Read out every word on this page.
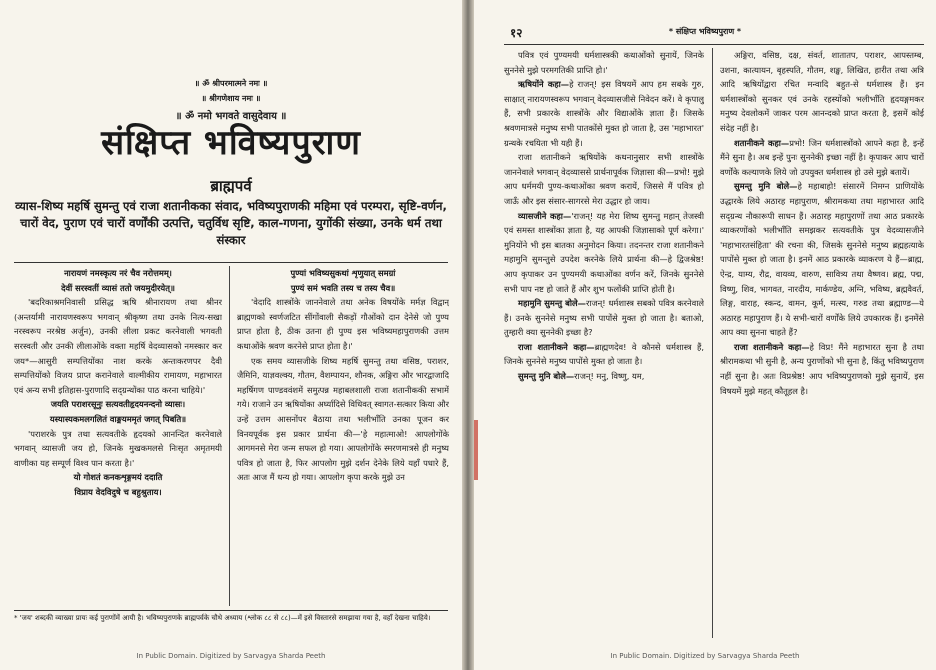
॥ ॐ श्रीपरमात्मने नमः ॥
॥ श्रीगणेशाय नमः ॥
॥ ॐ नमो भगवते वासुदेवाय ॥
संक्षिप्त भविष्यपुराण
ब्राह्मपर्व
व्यास-शिष्य महर्षि सुमन्तु एवं राजा शतानीकका संवाद, भविष्यपुराणकी महिमा एवं परम्परा, सृष्टि-वर्णन, चारों वेद, पुराण एवं चारों वर्णोंकी उत्पत्ति, चतुर्विध सृष्टि, काल-गणना, युगोंकी संख्या, उनके धर्म तथा संस्कार

नारायणं नमस्कृत्य नरं चैव नरोत्तमम्।

देवीं सरस्वतीं व्यासं ततो जयमुदीरयेत्॥

'बदरिकाश्रमनिवासी प्रसिद्ध ऋषि श्रीनारायण तथा श्रीनर (अन्तर्यामी नारायणस्वरूप भगवान् श्रीकृष्ण तथा उनके नित्य-सखा नरस्वरूप नरश्रेष्ठ अर्जुन), उनकी लीला प्रकट करनेवाली भगवती सरस्वती और उनकी लीलाओंके वक्ता महर्षि वेदव्यासको नमस्कार कर जय*—आसुरी सम्पत्तियोंका नाश करके अन्तःकरणपर दैवी सम्पत्तियोंको विजय प्राप्त करानेवाले वाल्मीकीय रामायण, महाभारत एवं अन्य सभी इतिहास-पुराणादि सद्ग्रन्थोंका पाठ करना चाहिये।'

जयति पराशरसूनुः सत्यवतीहृदयनन्दनो व्यासः।

यस्यास्यकमलगलितं वाङ्मयममृतं जगत् पिबति॥

'पराशरके पुत्र तथा सत्यवतीके हृदयको आनन्दित करनेवाले भगवान् व्यासजी जय हो, जिनके मुखकमलसे निःसृत अमृतमयी वाणीका यह सम्पूर्ण विश्व पान करता है।'

यो गोशतं कनकशृङ्गमयं ददाति

विप्राय वेदविदुषे च बहुश्रुताय।

पुण्यां भविष्यसुकथां शृणुयात् समग्रां

पुण्यं समं भवति तस्य च तस्य चैव॥

'वेदादि शास्त्रोंके जाननेवाले तथा अनेक विषयोंके मर्मज्ञ विद्वान् ब्राह्मणको स्वर्णजटित सींगोंवाली सैकड़ों गौओंको दान देनेसे जो पुण्य प्राप्त होता है, ठीक उतना ही पुण्य इस भविष्यमहापुराणकी उत्तम कथाओंके श्रवण करनेसे प्राप्त होता है।'

एक समय व्यासजीके शिष्य महर्षि सुमन्तु तथा वसिष्ठ, पराशर, जैमिनि, याज्ञवल्क्य, गौतम, वैशम्पायन, शौनक, अङ्गिरा और भारद्वाजादि महर्षिगण पाण्डववंशमें समुत्पन्न महाबलशाली राजा शतानीककी सभामें गये। राजाने उन ऋषियोंका अर्घ्यादिसे विधिवत् स्वागत-सत्कार किया और उन्हें उत्तम आसनोंपर बैठाया तथा भलीभाँति उनका पूजन कर विनयपूर्वक इस प्रकार प्रार्थना की—'हे महात्माओ! आपलोगोंके आगमनसे मेरा जन्म सफल हो गया। आपलोगोंके स्मरणमात्रसे ही मनुष्य पवित्र हो जाता है, फिर आपलोग मुझे दर्शन देनेके लिये यहाँ पधारे हैं, अतः आज मैं धन्य हो गया। आपलोग कृपा करके मुझे उन

* 'जय' शब्दकी व्याख्या प्रायः कई पुराणोंमें आयी है। भविष्यपुराणके ब्राह्मपर्वके चौथे अध्याय (श्लोक ८८ से ८८)—में इसे विस्तारसे समझाया गया है, वहाँ देखना चाहिये।
In Public Domain. Digitized by Sarvagya Sharda Peeth
१२	* संक्षिप्त भविष्यपुराण *

पवित्र एवं पुण्यमयी धर्मशास्त्रकी कथाओंको सुनायें, जिनके सुननेसे मुझे परमगतिकी प्राप्ति हो।'

ऋषियोंने कहा—हे राजन्! इस विषयमें आप हम सबके गुरु, साक्षात् नारायणस्वरूप भगवान् वेदव्यासजीसे निवेदन करें। वे कृपालु हैं, सभी प्रकारके शास्त्रोंके और विद्याओंके ज्ञाता हैं। जिसके श्रवणमात्रसे मनुष्य सभी पातकोंसे मुक्त हो जाता है, उस 'महाभारत' ग्रन्थके रचयिता भी यही हैं।

राजा शतानीकने ऋषियोंके कथनानुसार सभी शास्त्रोंके जाननेवाले भगवान् वेदव्याससे प्रार्थनापूर्वक जिज्ञासा की—प्रभो! मुझे आप धर्ममयी पुण्य-कथाओंका श्रवण करायें, जिससे मैं पवित्र हो जाऊँ और इस संसार-सागरसे मेरा उद्धार हो जाय।

व्यासजीने कहा—'राजन्! यह मेरा शिष्य सुमन्तु महान् तेजस्वी एवं समस्त शास्त्रोंका ज्ञाता है, यह आपकी जिज्ञासाको पूर्ण करेगा।' मुनियोंने भी इस बातका अनुमोदन किया। तदनन्तर राजा शतानीकने महामुनि सुमन्तुसे उपदेश करनेके लिये प्रार्थना की—हे द्विजश्रेष्ठ! आप कृपाकर उन पुण्यमयी कथाओंका वर्णन करें, जिनके सुननेसे सभी पाप नष्ट हो जाते हैं और शुभ फलोंकी प्राप्ति होती है।

महामुनि सुमन्तु बोले—राजन्! धर्मशास्त्र सबको पवित्र करनेवाले हैं। उनके सुननेसे मनुष्य सभी पापोंसे मुक्त हो जाता है। बताओ, तुम्हारी क्या सुननेकी इच्छा है?

राजा शतानीकने कहा—ब्राह्मणदेव! वे कौनसे धर्मशास्त्र हैं, जिनके सुननेसे मनुष्य पापोंसे मुक्त हो जाता है।

सुमन्तु मुनि बोले—राजन्! मनु, विष्णु, यम,

अङ्गिरा, वसिष्ठ, दक्ष, संवर्त, शातातप, पराशर, आपस्तम्ब, उशना, कात्यायन, बृहस्पति, गौतम, शङ्ख, लिखित, हारीत तथा अत्रि आदि ऋषियोंद्वारा रचित मन्वादि बहुत-से धर्मशास्त्र हैं। इन धर्मशास्त्रोंको सुनकर एवं उनके रहस्योंको भलीभाँति हृदयङ्गमकर मनुष्य देवलोकमें जाकर परम आनन्दको प्राप्त करता है, इसमें कोई संदेह नहीं है।

शतानीकने कहा—प्रभो! जिन धर्मशास्त्रोंको आपने कहा है, इन्हें मैंने सुना है। अब इन्हें पुनः सुननेकी इच्छा नहीं है। कृपाकर आप चारों वर्णोंके कल्याणके लिये जो उपयुक्त धर्मशास्त्र हो उसे मुझे बतायें।

सुमन्तु मुनि बोले—हे महाबाहो! संसारमें निमग्न प्राणियोंके उद्धारके लिये अठारह महापुराण, श्रीरामकथा तथा महाभारत आदि सद्ग्रन्थ नौकारूपी साधन हैं। अठारह महापुराणों तथा आठ प्रकारके व्याकरणोंको भलीभाँति समझकर सत्यवतीके पुत्र वेदव्यासजीने 'महाभारतसंहिता' की रचना की, जिसके सुननेसे मनुष्य ब्रह्महत्याके पापोंसे मुक्त हो जाता है। इनमें आठ प्रकारके व्याकरण ये हैं—ब्राह्म, ऐन्द्र, याम्य, रौद्र, वायव्य, वारुण, सावित्र्य तथा वैष्णव। ब्रह्म, पद्म, विष्णु, शिव, भागवत, नारदीय, मार्कण्डेय, अग्नि, भविष्य, ब्रह्मवैवर्त, लिङ्ग, वाराह, स्कन्द, वामन, कूर्म, मत्स्य, गरुड तथा ब्रह्माण्ड—ये अठारह महापुराण हैं। ये सभी-चारों वर्णोंके लिये उपकारक हैं। इनमेंसे आप क्या सुनना चाहते हैं?

राजा शतानीकने कहा—हे विप्र! मैंने महाभारत सुना है तथा श्रीरामकथा भी सुनी है, अन्य पुराणोंको भी सुना है, किंतु भविष्यपुराण नहीं सुना है। अतः विप्रश्रेष्ठ! आप भविष्यपुराणको मुझे सुनायें, इस विषयमें मुझे महत् कौतूहल है।

In Public Domain. Digitized by Sarvagya Sharda Peeth
